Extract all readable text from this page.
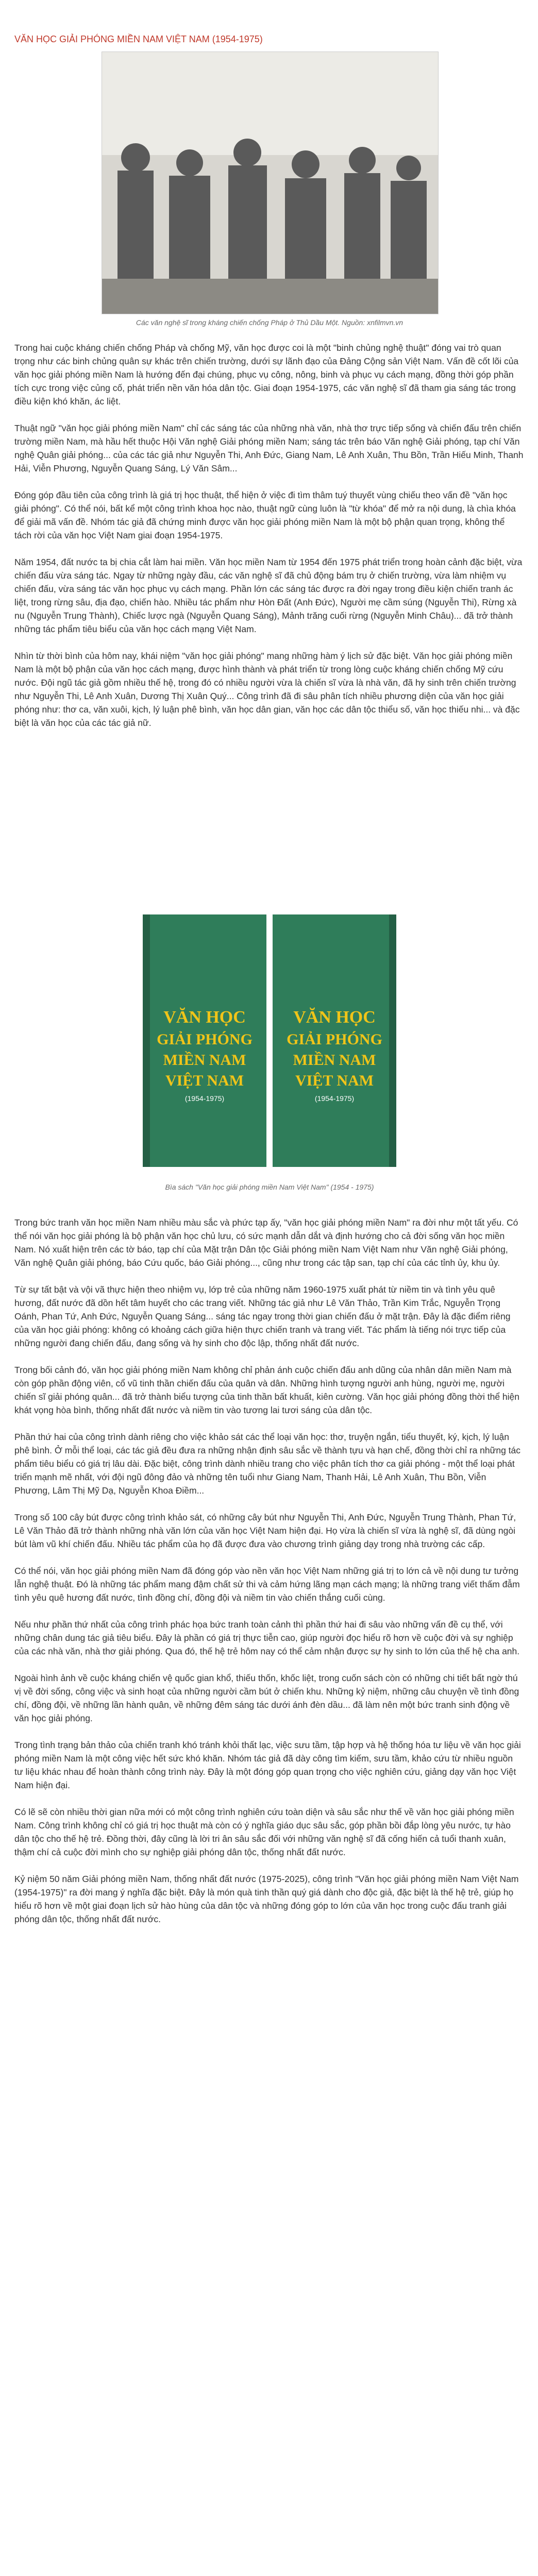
VĂN HỌC GIẢI PHÓNG MIỀN NAM VIỆT NAM (1954-1975)
Các văn nghệ sĩ trong kháng chiến chống Pháp ở Thủ Dầu Một. Nguồn: xnfilmvn.vn

Trong hai cuộc kháng chiến chống Pháp và chống Mỹ, văn học được coi là một "binh chủng nghệ thuật" đóng vai trò quan trọng như các binh chủng quân sự khác trên chiến trường, dưới sự lãnh đạo của Đảng Cộng sản Việt Nam. Vấn đề cốt lõi của văn học giải phóng miền Nam là hướng đến đại chúng, phục vụ công, nông, binh và phục vụ cách mạng, đồng thời góp phần tích cực trong việc củng cố, phát triển nền văn hóa dân tộc. Giai đoạn 1954-1975, các văn nghệ sĩ đã tham gia sáng tác trong điều kiện khó khăn, ác liệt.

Thuật ngữ "văn học giải phóng miền Nam" chỉ các sáng tác của những nhà văn, nhà thơ trực tiếp sống và chiến đấu trên chiến trường miền Nam, mà hầu hết thuộc Hội Văn nghệ Giải phóng miền Nam; sáng tác trên báo Văn nghệ Giải phóng, tạp chí Văn nghệ Quân giải phóng... của các tác giả như Nguyễn Thi, Anh Đức, Giang Nam, Lê Anh Xuân, Thu Bồn, Trần Hiếu Minh, Thanh Hải, Viễn Phương, Nguyễn Quang Sáng, Lý Văn Sâm...

Đóng góp đầu tiên của công trình là giá trị học thuật, thể hiện ở việc đi tìm thâm tuý thuyết vùng chiếu theo vấn đề "văn học giải phóng". Có thể nói, bất kể một công trình khoa học nào, thuật ngữ cùng luôn là "từ khóa" để mở ra nội dung, là chìa khóa để giải mã vấn đề. Nhóm tác giả đã chứng minh được văn học giải phóng miền Nam là một bộ phận quan trọng, không thể tách rời của văn học Việt Nam giai đoạn 1954-1975.

Năm 1954, đất nước ta bị chia cắt làm hai miền. Văn học miền Nam từ 1954 đến 1975 phát triển trong hoàn cảnh đặc biệt, vừa chiến đấu vừa sáng tác. Ngay từ những ngày đầu, các văn nghệ sĩ đã chủ động bám trụ ở chiến trường, vừa làm nhiệm vụ chiến đấu, vừa sáng tác văn học phục vụ cách mạng. Phần lớn các sáng tác được ra đời ngay trong điều kiện chiến tranh ác liệt, trong rừng sâu, địa đạo, chiến hào. Nhiều tác phẩm như Hòn Đất (Anh Đức), Người mẹ cầm súng (Nguyễn Thi), Rừng xà nu (Nguyễn Trung Thành), Chiếc lược ngà (Nguyễn Quang Sáng), Mảnh trăng cuối rừng (Nguyễn Minh Châu)... đã trở thành những tác phẩm tiêu biểu của văn học cách mạng Việt Nam.

Nhìn từ thời bình của hôm nay, khái niệm "văn học giải phóng" mang những hàm ý lịch sử đặc biệt. Văn học giải phóng miền Nam là một bộ phận của văn học cách mạng, được hình thành và phát triển từ trong lòng cuộc kháng chiến chống Mỹ cứu nước. Đội ngũ tác giả gồm nhiều thế hệ, trong đó có nhiều người vừa là chiến sĩ vừa là nhà văn, đã hy sinh trên chiến trường như Nguyễn Thi, Lê Anh Xuân, Dương Thị Xuân Quý... Công trình đã đi sâu phân tích nhiều phương diện của văn học giải phóng như: thơ ca, văn xuôi, kịch, lý luận phê bình, văn học dân gian, văn học các dân tộc thiểu số, văn học thiếu nhi... và đặc biệt là văn học của các tác giả nữ.

VĂN HỌC
GIẢI PHÓNG
MIỀN NAM
VIỆT NAM
(1954-1975)
VĂN HỌC
GIẢI PHÓNG
MIỀN NAM
VIỆT NAM
(1954-1975)
Bìa sách "Văn học giải phóng miền Nam Việt Nam" (1954 - 1975)

Trong bức tranh văn học miền Nam nhiều màu sắc và phức tạp ấy, "văn học giải phóng miền Nam" ra đời như một tất yếu. Có thể nói văn học giải phóng là bộ phận văn học chủ lưu, có sức mạnh dẫn dắt và định hướng cho cả đời sống văn học miền Nam. Nó xuất hiện trên các tờ báo, tạp chí của Mặt trận Dân tộc Giải phóng miền Nam Việt Nam như Văn nghệ Giải phóng, Văn nghệ Quân giải phóng, báo Cứu quốc, báo Giải phóng..., cũng như trong các tập san, tạp chí của các tỉnh ủy, khu ủy.

Từ sự tất bật và vội vã thực hiện theo nhiệm vụ, lớp trẻ của những năm 1960-1975 xuất phát từ niềm tin và tình yêu quê hương, đất nước đã dồn hết tâm huyết cho các trang viết. Những tác giả như Lê Văn Thảo, Trần Kim Trắc, Nguyễn Trọng Oánh, Phan Tứ, Anh Đức, Nguyễn Quang Sáng... sáng tác ngay trong thời gian chiến đấu ở mặt trận. Đây là đặc điểm riêng của văn học giải phóng: không có khoảng cách giữa hiện thực chiến tranh và trang viết. Tác phẩm là tiếng nói trực tiếp của những người đang chiến đấu, đang sống và hy sinh cho độc lập, thống nhất đất nước.

Trong bối cảnh đó, văn học giải phóng miền Nam không chỉ phản ánh cuộc chiến đấu anh dũng của nhân dân miền Nam mà còn góp phần động viên, cổ vũ tinh thần chiến đấu của quân và dân. Những hình tượng người anh hùng, người mẹ, người chiến sĩ giải phóng quân... đã trở thành biểu tượng của tinh thần bất khuất, kiên cường. Văn học giải phóng đồng thời thể hiện khát vọng hòa bình, thống nhất đất nước và niềm tin vào tương lai tươi sáng của dân tộc.

Phần thứ hai của công trình dành riêng cho việc khảo sát các thể loại văn học: thơ, truyện ngắn, tiểu thuyết, ký, kịch, lý luận phê bình. Ở mỗi thể loại, các tác giả đều đưa ra những nhận định sâu sắc về thành tựu và hạn chế, đồng thời chỉ ra những tác phẩm tiêu biểu có giá trị lâu dài. Đặc biệt, công trình dành nhiều trang cho việc phân tích thơ ca giải phóng - một thể loại phát triển mạnh mẽ nhất, với đội ngũ đông đảo và những tên tuổi như Giang Nam, Thanh Hải, Lê Anh Xuân, Thu Bồn, Viễn Phương, Lâm Thị Mỹ Dạ, Nguyễn Khoa Điềm...

Trong số 100 cây bút được công trình khảo sát, có những cây bút như Nguyễn Thi, Anh Đức, Nguyễn Trung Thành, Phan Tứ, Lê Văn Thảo đã trở thành những nhà văn lớn của văn học Việt Nam hiện đại. Họ vừa là chiến sĩ vừa là nghệ sĩ, đã dùng ngòi bút làm vũ khí chiến đấu. Nhiều tác phẩm của họ đã được đưa vào chương trình giảng dạy trong nhà trường các cấp.

Có thể nói, văn học giải phóng miền Nam đã đóng góp vào nền văn học Việt Nam những giá trị to lớn cả về nội dung tư tưởng lẫn nghệ thuật. Đó là những tác phẩm mang đậm chất sử thi và cảm hứng lãng mạn cách mạng; là những trang viết thấm đẫm tình yêu quê hương đất nước, tình đồng chí, đồng đội và niềm tin vào chiến thắng cuối cùng.

Nếu như phần thứ nhất của công trình phác họa bức tranh toàn cảnh thì phần thứ hai đi sâu vào những vấn đề cụ thể, với những chân dung tác giả tiêu biểu. Đây là phần có giá trị thực tiễn cao, giúp người đọc hiểu rõ hơn về cuộc đời và sự nghiệp của các nhà văn, nhà thơ giải phóng. Qua đó, thế hệ trẻ hôm nay có thể cảm nhận được sự hy sinh to lớn của thế hệ cha anh.

Ngoài hình ảnh về cuộc kháng chiến vệ quốc gian khổ, thiếu thốn, khốc liệt, trong cuốn sách còn có những chi tiết bất ngờ thú vị về đời sống, công việc và sinh hoạt của những người cầm bút ở chiến khu. Những kỷ niệm, những câu chuyện về tình đồng chí, đồng đội, về những lần hành quân, về những đêm sáng tác dưới ánh đèn dầu... đã làm nên một bức tranh sinh động về văn học giải phóng.

Trong tình trạng bản thảo của chiến tranh khó tránh khỏi thất lạc, việc sưu tầm, tập hợp và hệ thống hóa tư liệu về văn học giải phóng miền Nam là một công việc hết sức khó khăn. Nhóm tác giả đã dày công tìm kiếm, sưu tầm, khảo cứu từ nhiều nguồn tư liệu khác nhau để hoàn thành công trình này. Đây là một đóng góp quan trọng cho việc nghiên cứu, giảng dạy văn học Việt Nam hiện đại.

Có lẽ sẽ còn nhiều thời gian nữa mới có một công trình nghiên cứu toàn diện và sâu sắc như thế về văn học giải phóng miền Nam. Công trình không chỉ có giá trị học thuật mà còn có ý nghĩa giáo dục sâu sắc, góp phần bồi đắp lòng yêu nước, tự hào dân tộc cho thế hệ trẻ. Đồng thời, đây cũng là lời tri ân sâu sắc đối với những văn nghệ sĩ đã cống hiến cả tuổi thanh xuân, thậm chí cả cuộc đời mình cho sự nghiệp giải phóng dân tộc, thống nhất đất nước.

Kỷ niệm 50 năm Giải phóng miền Nam, thống nhất đất nước (1975-2025), công trình "Văn học giải phóng miền Nam Việt Nam (1954-1975)" ra đời mang ý nghĩa đặc biệt. Đây là món quà tinh thần quý giá dành cho độc giả, đặc biệt là thế hệ trẻ, giúp họ hiểu rõ hơn về một giai đoạn lịch sử hào hùng của dân tộc và những đóng góp to lớn của văn học trong cuộc đấu tranh giải phóng dân tộc, thống nhất đất nước.
